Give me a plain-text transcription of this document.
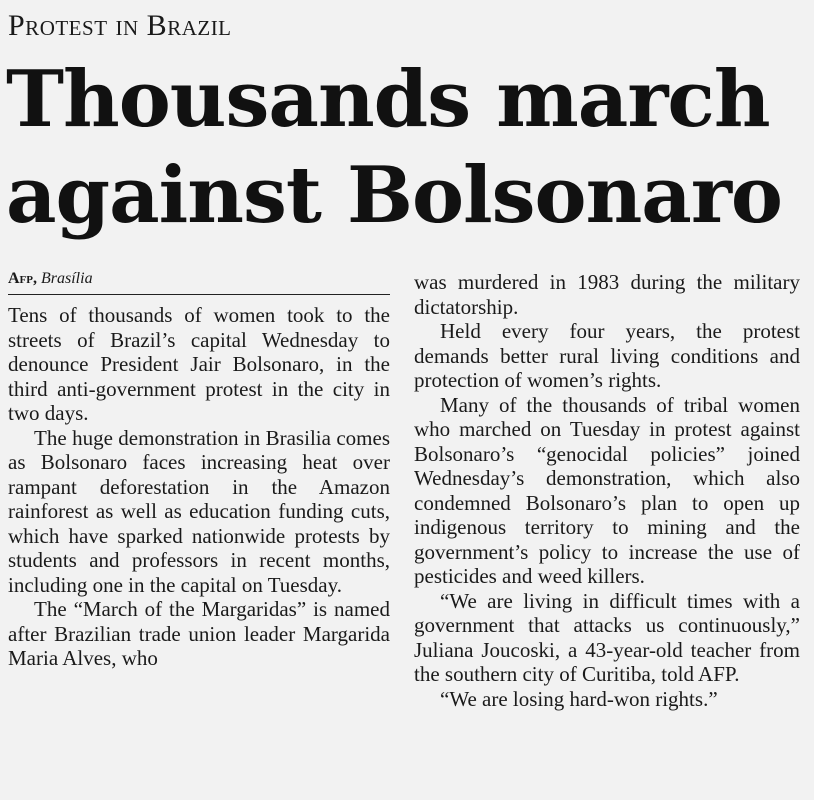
Protest in Brazil
Thousands march
against Bolsonaro
Afp, Brasília

Tens of thousands of women took to the streets of Brazil’s capital Wednesday to denounce President Jair Bolsonaro, in the third anti-government protest in the city in two days.

The huge demonstration in Brasilia comes as Bolsonaro faces increasing heat over rampant deforestation in the Amazon rainforest as well as education funding cuts, which have sparked nationwide protests by students and professors in recent months, including one in the capital on Tuesday.

The “March of the Margaridas” is named after Brazilian trade union leader Margarida Maria Alves, who

was murdered in 1983 during the military dictatorship.

Held every four years, the protest demands better rural living conditions and protection of women’s rights.

Many of the thousands of tribal women who marched on Tuesday in protest against Bolsonaro’s “genocidal policies” joined Wednesday’s demonstration, which also condemned Bolsonaro’s plan to open up indigenous territory to mining and the government’s policy to increase the use of pesticides and weed killers.

“We are living in difficult times with a government that attacks us continuously,” Juliana Joucoski, a 43-year-old teacher from the southern city of Curitiba, told AFP.

“We are losing hard-won rights.”
